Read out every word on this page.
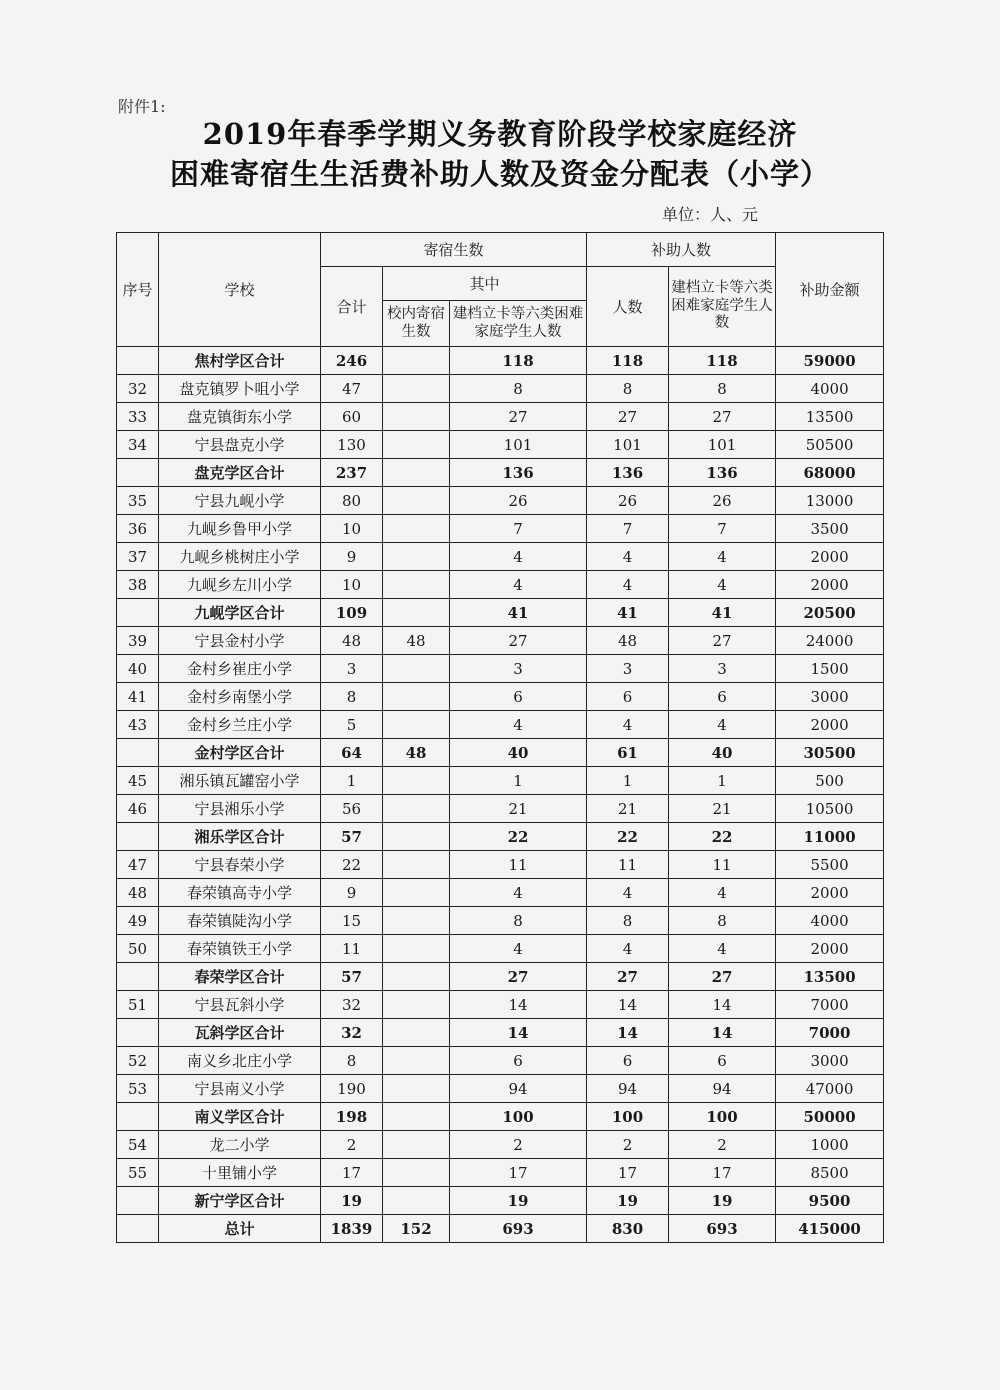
附件1:
2019年春季学期义务教育阶段学校家庭经济
困难寄宿生生活费补助人数及资金分配表（小学）
单位：人、元
序号	学校	寄宿生数			补助人数		补助金额
		合计	其中		人数	建档立卡等六类困难家庭学生人数	
			校内寄宿生数	建档立卡等六类困难家庭学生人数			
	焦村学区合计	246		118	118	118	59000
32	盘克镇罗卜咀小学	47		8	8	8	4000
33	盘克镇街东小学	60		27	27	27	13500
34	宁县盘克小学	130		101	101	101	50500
	盘克学区合计	237		136	136	136	68000
35	宁县九岘小学	80		26	26	26	13000
36	九岘乡鲁甲小学	10		7	7	7	3500
37	九岘乡桃树庄小学	9		4	4	4	2000
38	九岘乡左川小学	10		4	4	4	2000
	九岘学区合计	109		41	41	41	20500
39	宁县金村小学	48	48	27	48	27	24000
40	金村乡崔庄小学	3		3	3	3	1500
41	金村乡南堡小学	8		6	6	6	3000
43	金村乡兰庄小学	5		4	4	4	2000
	金村学区合计	64	48	40	61	40	30500
45	湘乐镇瓦罐窑小学	1		1	1	1	500
46	宁县湘乐小学	56		21	21	21	10500
	湘乐学区合计	57		22	22	22	11000
47	宁县春荣小学	22		11	11	11	5500
48	春荣镇高寺小学	9		4	4	4	2000
49	春荣镇陡沟小学	15		8	8	8	4000
50	春荣镇铁王小学	11		4	4	4	2000
	春荣学区合计	57		27	27	27	13500
51	宁县瓦斜小学	32		14	14	14	7000
	瓦斜学区合计	32		14	14	14	7000
52	南义乡北庄小学	8		6	6	6	3000
53	宁县南义小学	190		94	94	94	47000
	南义学区合计	198		100	100	100	50000
54	龙二小学	2		2	2	2	1000
55	十里铺小学	17		17	17	17	8500
	新宁学区合计	19		19	19	19	9500
	总计	1839	152	693	830	693	415000
